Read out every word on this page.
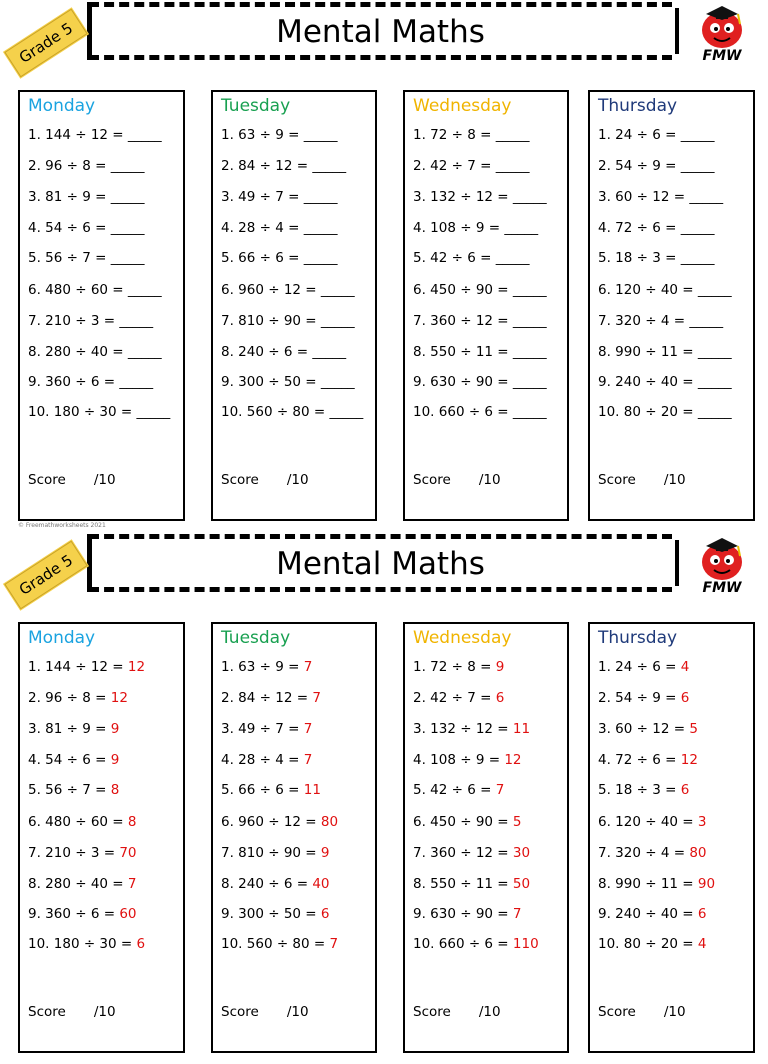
Mental Maths
Grade 5	FMW
© Freemathworksheets 2021
Monday
1. 144 ÷ 12 = _____
2. 96 ÷ 8 = _____
3. 81 ÷ 9 = _____
4. 54 ÷ 6 = _____
5. 56 ÷ 7 = _____
6. 480 ÷ 60 = _____
7. 210 ÷ 3 = _____
8. 280 ÷ 40 = _____
9. 360 ÷ 6 = _____
10. 180 ÷ 30 = _____
Score /10
Tuesday
1. 63 ÷ 9 = _____
2. 84 ÷ 12 = _____
3. 49 ÷ 7 = _____
4. 28 ÷ 4 = _____
5. 66 ÷ 6 = _____
6. 960 ÷ 12 = _____
7. 810 ÷ 90 = _____
8. 240 ÷ 6 = _____
9. 300 ÷ 50 = _____
10. 560 ÷ 80 = _____
Score /10
Wednesday
1. 72 ÷ 8 = _____
2. 42 ÷ 7 = _____
3. 132 ÷ 12 = _____
4. 108 ÷ 9 = _____
5. 42 ÷ 6 = _____
6. 450 ÷ 90 = _____
7. 360 ÷ 12 = _____
8. 550 ÷ 11 = _____
9. 630 ÷ 90 = _____
10. 660 ÷ 6 = _____
Score /10
Thursday
1. 24 ÷ 6 = _____
2. 54 ÷ 9 = _____
3. 60 ÷ 12 = _____
4. 72 ÷ 6 = _____
5. 18 ÷ 3 = _____
6. 120 ÷ 40 = _____
7. 320 ÷ 4 = _____
8. 990 ÷ 11 = _____
9. 240 ÷ 40 = _____
10. 80 ÷ 20 = _____
Score /10
Mental Maths
Grade 5	FMW
Monday
1. 144 ÷ 12 = 12
2. 96 ÷ 8 = 12
3. 81 ÷ 9 = 9
4. 54 ÷ 6 = 9
5. 56 ÷ 7 = 8
6. 480 ÷ 60 = 8
7. 210 ÷ 3 = 70
8. 280 ÷ 40 = 7
9. 360 ÷ 6 = 60
10. 180 ÷ 30 = 6
Score /10
Tuesday
1. 63 ÷ 9 = 7
2. 84 ÷ 12 = 7
3. 49 ÷ 7 = 7
4. 28 ÷ 4 = 7
5. 66 ÷ 6 = 11
6. 960 ÷ 12 = 80
7. 810 ÷ 90 = 9
8. 240 ÷ 6 = 40
9. 300 ÷ 50 = 6
10. 560 ÷ 80 = 7
Score /10
Wednesday
1. 72 ÷ 8 = 9
2. 42 ÷ 7 = 6
3. 132 ÷ 12 = 11
4. 108 ÷ 9 = 12
5. 42 ÷ 6 = 7
6. 450 ÷ 90 = 5
7. 360 ÷ 12 = 30
8. 550 ÷ 11 = 50
9. 630 ÷ 90 = 7
10. 660 ÷ 6 = 110
Score /10
Thursday
1. 24 ÷ 6 = 4
2. 54 ÷ 9 = 6
3. 60 ÷ 12 = 5
4. 72 ÷ 6 = 12
5. 18 ÷ 3 = 6
6. 120 ÷ 40 = 3
7. 320 ÷ 4 = 80
8. 990 ÷ 11 = 90
9. 240 ÷ 40 = 6
10. 80 ÷ 20 = 4
Score /10
